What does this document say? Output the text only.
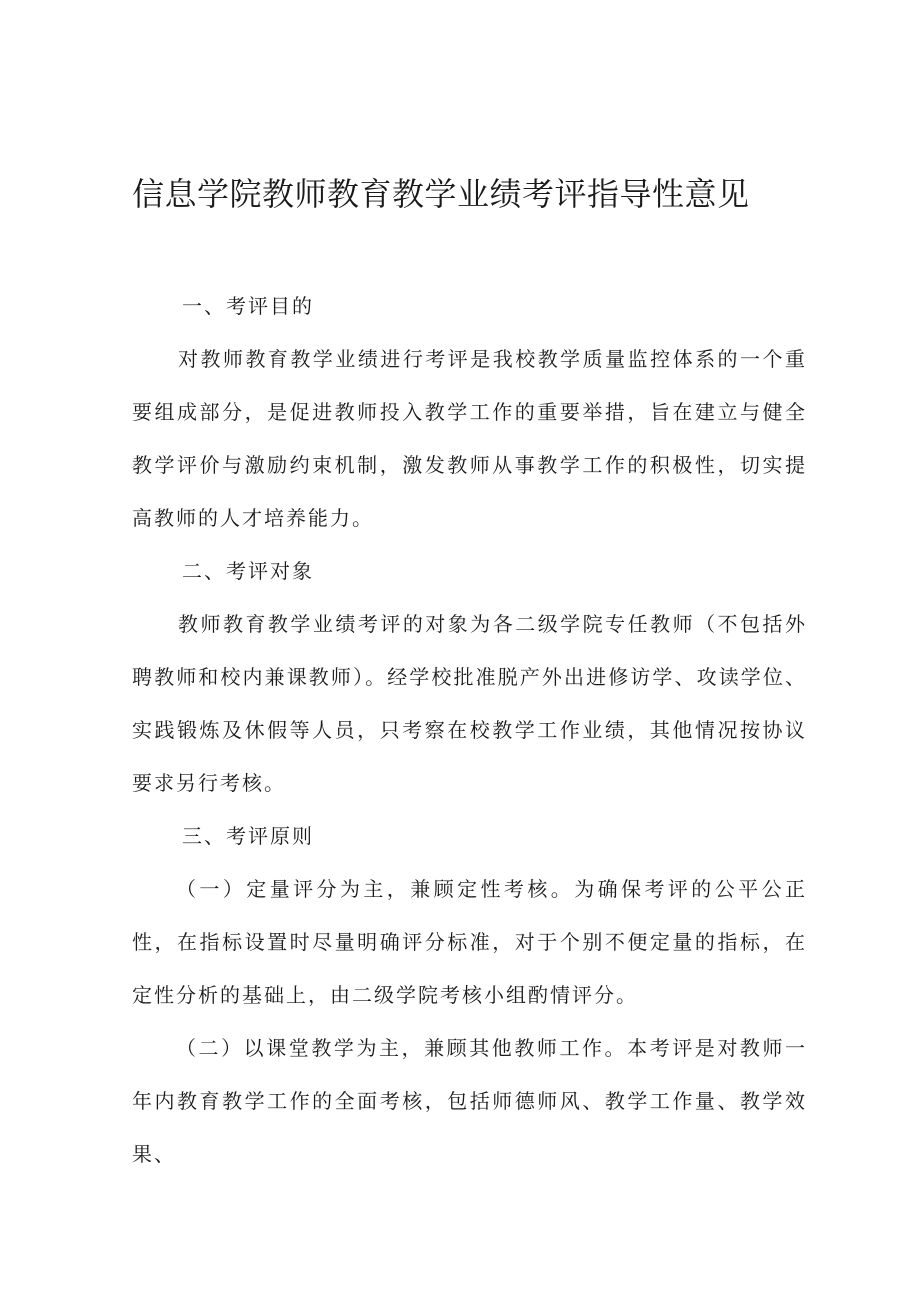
信息学院教师教育教学业绩考评指导性意见

一、考评目的

对教师教育教学业绩进行考评是我校教学质量监控体系的一个重要组成部分，是促进教师投入教学工作的重要举措，旨在建立与健全教学评价与激励约束机制，激发教师从事教学工作的积极性，切实提高教师的人才培养能力。

二、考评对象

教师教育教学业绩考评的对象为各二级学院专任教师（不包括外聘教师和校内兼课教师）。经学校批准脱产外出进修访学、攻读学位、实践锻炼及休假等人员，只考察在校教学工作业绩，其他情况按协议要求另行考核。

三、考评原则

（一）定量评分为主，兼顾定性考核。为确保考评的公平公正性，在指标设置时尽量明确评分标准，对于个别不便定量的指标，在定性分析的基础上，由二级学院考核小组酌情评分。

（二）以课堂教学为主，兼顾其他教师工作。本考评是对教师一年内教育教学工作的全面考核，包括师德师风、教学工作量、教学效果、
